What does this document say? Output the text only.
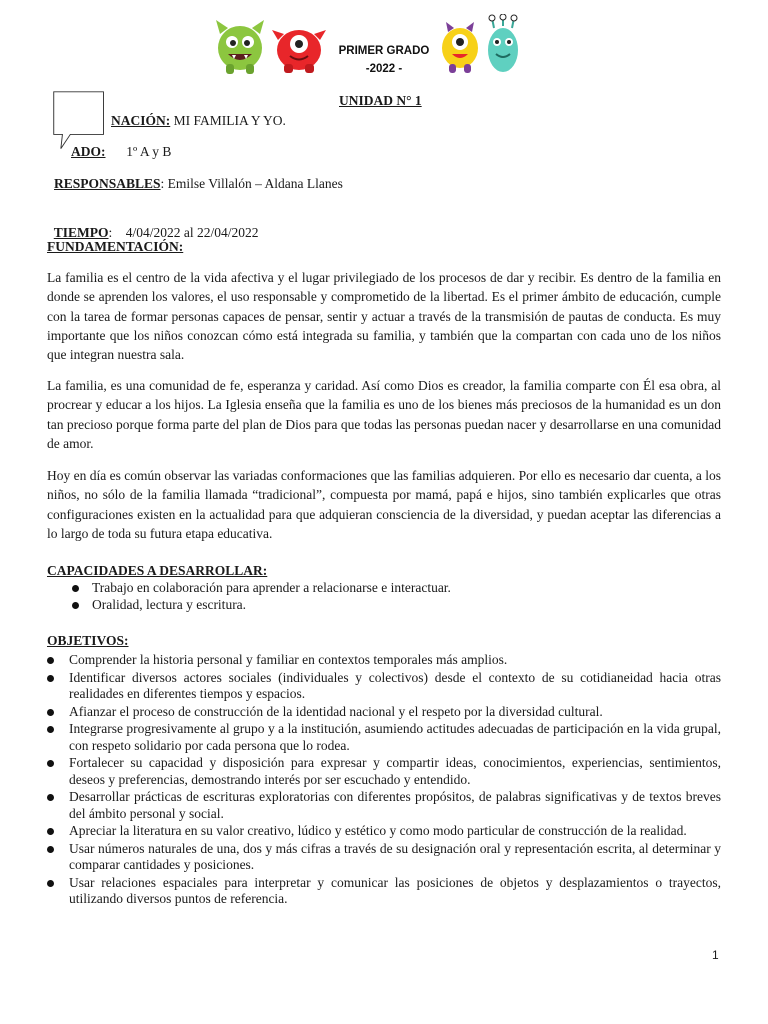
PRIMER GRADO
-2022 -
UNIDAD N° 1
NACIÓN: MI FAMILIA Y YO.
ADO: 1º A y B
RESPONSABLES: Emilse Villalón – Aldana Llanes

TIEMPO:    4/04/2022 al 22/04/2022

FUNDAMENTACIÓN:
La familia es el centro de la vida afectiva y el lugar privilegiado de los procesos de dar y recibir. Es dentro de la familia en donde se aprenden los valores, el uso responsable y comprometido de la libertad. Es el primer ámbito de educación, cumple con la tarea de formar personas capaces de pensar, sentir y actuar a través de la transmisión de pautas de conducta. Es muy importante que los niños conozcan cómo está integrada su familia, y también que la compartan con cada uno de los niños que integran nuestra sala.
La familia, es una comunidad de fe, esperanza y caridad. Así como Dios es creador, la familia comparte con Él esa obra, al procrear y educar a los hijos. La Iglesia enseña que la familia es uno de los bienes más preciosos de la humanidad es un don tan precioso porque forma parte del plan de Dios para que todas las personas puedan nacer y desarrollarse en una comunidad de amor.
Hoy en día es común observar las variadas conformaciones que las familias adquieren. Por ello es necesario dar cuenta, a los niños, no sólo de la familia llamada “tradicional”, compuesta por mamá, papá e hijos, sino también explicarles que otras configuraciones existen en la actualidad para que adquieran consciencia de la diversidad, y puedan aceptar las diferencias a lo largo de toda su futura etapa educativa.
CAPACIDADES A DESARROLLAR:
Trabajo en colaboración para aprender a relacionarse e interactuar.
Oralidad, lectura y escritura.
OBJETIVOS:
Comprender la historia personal y familiar en contextos temporales más amplios.
Identificar diversos actores sociales (individuales y colectivos) desde el contexto de su cotidianeidad hacia otras realidades en diferentes tiempos y espacios.
Afianzar el proceso de construcción de la identidad nacional y el respeto por la diversidad cultural.
Integrarse progresivamente al grupo y a la institución, asumiendo actitudes adecuadas de participación en la vida grupal, con respeto solidario por cada persona que lo rodea.
Fortalecer su capacidad y disposición para expresar y compartir ideas, conocimientos, experiencias, sentimientos, deseos y preferencias, demostrando interés por ser escuchado y entendido.
Desarrollar prácticas de escrituras exploratorias con diferentes propósitos, de palabras significativas y de textos breves del ámbito personal y social.
Apreciar la literatura en su valor creativo, lúdico y estético y como modo particular de construcción de la realidad.
Usar números naturales de una, dos y más cifras a través de su designación oral y representación escrita, al determinar y comparar cantidades y posiciones.
Usar relaciones espaciales para interpretar y comunicar las posiciones de objetos y desplazamientos o trayectos, utilizando diversos puntos de referencia.
1
